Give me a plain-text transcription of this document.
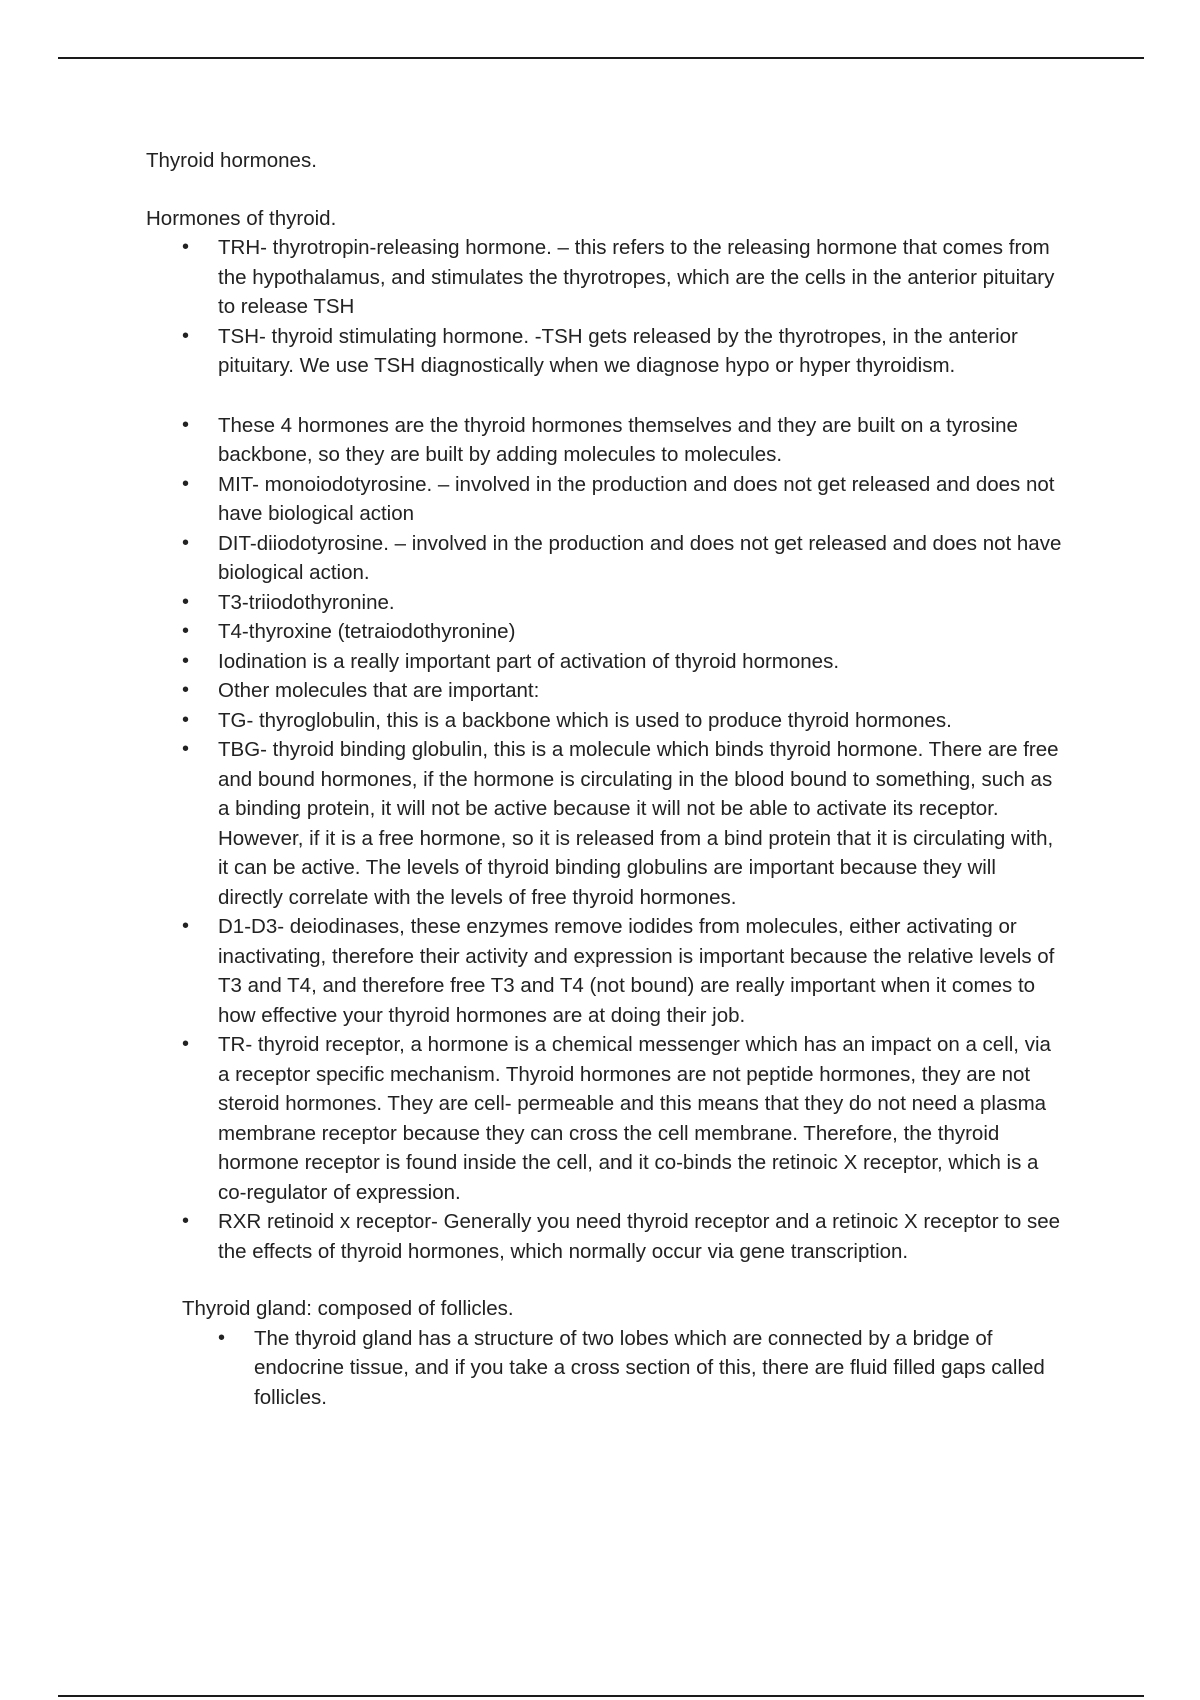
Thyroid hormones.

Hormones of thyroid.

• TRH- thyrotropin-releasing hormone. – this refers to the releasing hormone that comes from the hypothalamus, and stimulates the thyrotropes, which are the cells in the anterior pituitary to release TSH
• TSH- thyroid stimulating hormone. -TSH gets released by the thyrotropes, in the anterior pituitary. We use TSH diagnostically when we diagnose hypo or hyper thyroidism.
• These 4 hormones are the thyroid hormones themselves and they are built on a tyrosine backbone, so they are built by adding molecules to molecules.
• MIT- monoiodotyrosine. – involved in the production and does not get released and does not have biological action
• DIT-diiodotyrosine. – involved in the production and does not get released and does not have biological action.
• T3-triiodothyronine.
• T4-thyroxine (tetraiodothyronine)
• Iodination is a really important part of activation of thyroid hormones.
• Other molecules that are important:
• TG- thyroglobulin, this is a backbone which is used to produce thyroid hormones.
• TBG- thyroid binding globulin, this is a molecule which binds thyroid hormone. There are free and bound hormones, if the hormone is circulating in the blood bound to something, such as a binding protein, it will not be active because it will not be able to activate its receptor. However, if it is a free hormone, so it is released from a bind protein that it is circulating with, it can be active. The levels of thyroid binding globulins are important because they will directly correlate with the levels of free thyroid hormones.
• D1-D3- deiodinases, these enzymes remove iodides from molecules, either activating or inactivating, therefore their activity and expression is important because the relative levels of T3 and T4, and therefore free T3 and T4 (not bound) are really important when it comes to how effective your thyroid hormones are at doing their job.
• TR- thyroid receptor, a hormone is a chemical messenger which has an impact on a cell, via a receptor specific mechanism. Thyroid hormones are not peptide hormones, they are not steroid hormones. They are cell- permeable and this means that they do not need a plasma membrane receptor because they can cross the cell membrane. Therefore, the thyroid hormone receptor is found inside the cell, and it co-binds the retinoic X receptor, which is a co-regulator of expression.
• RXR retinoid x receptor- Generally you need thyroid receptor and a retinoic X receptor to see the effects of thyroid hormones, which normally occur via gene transcription.

Thyroid gland: composed of follicles.

• The thyroid gland has a structure of two lobes which are connected by a bridge of endocrine tissue, and if you take a cross section of this, there are fluid filled gaps called follicles.
